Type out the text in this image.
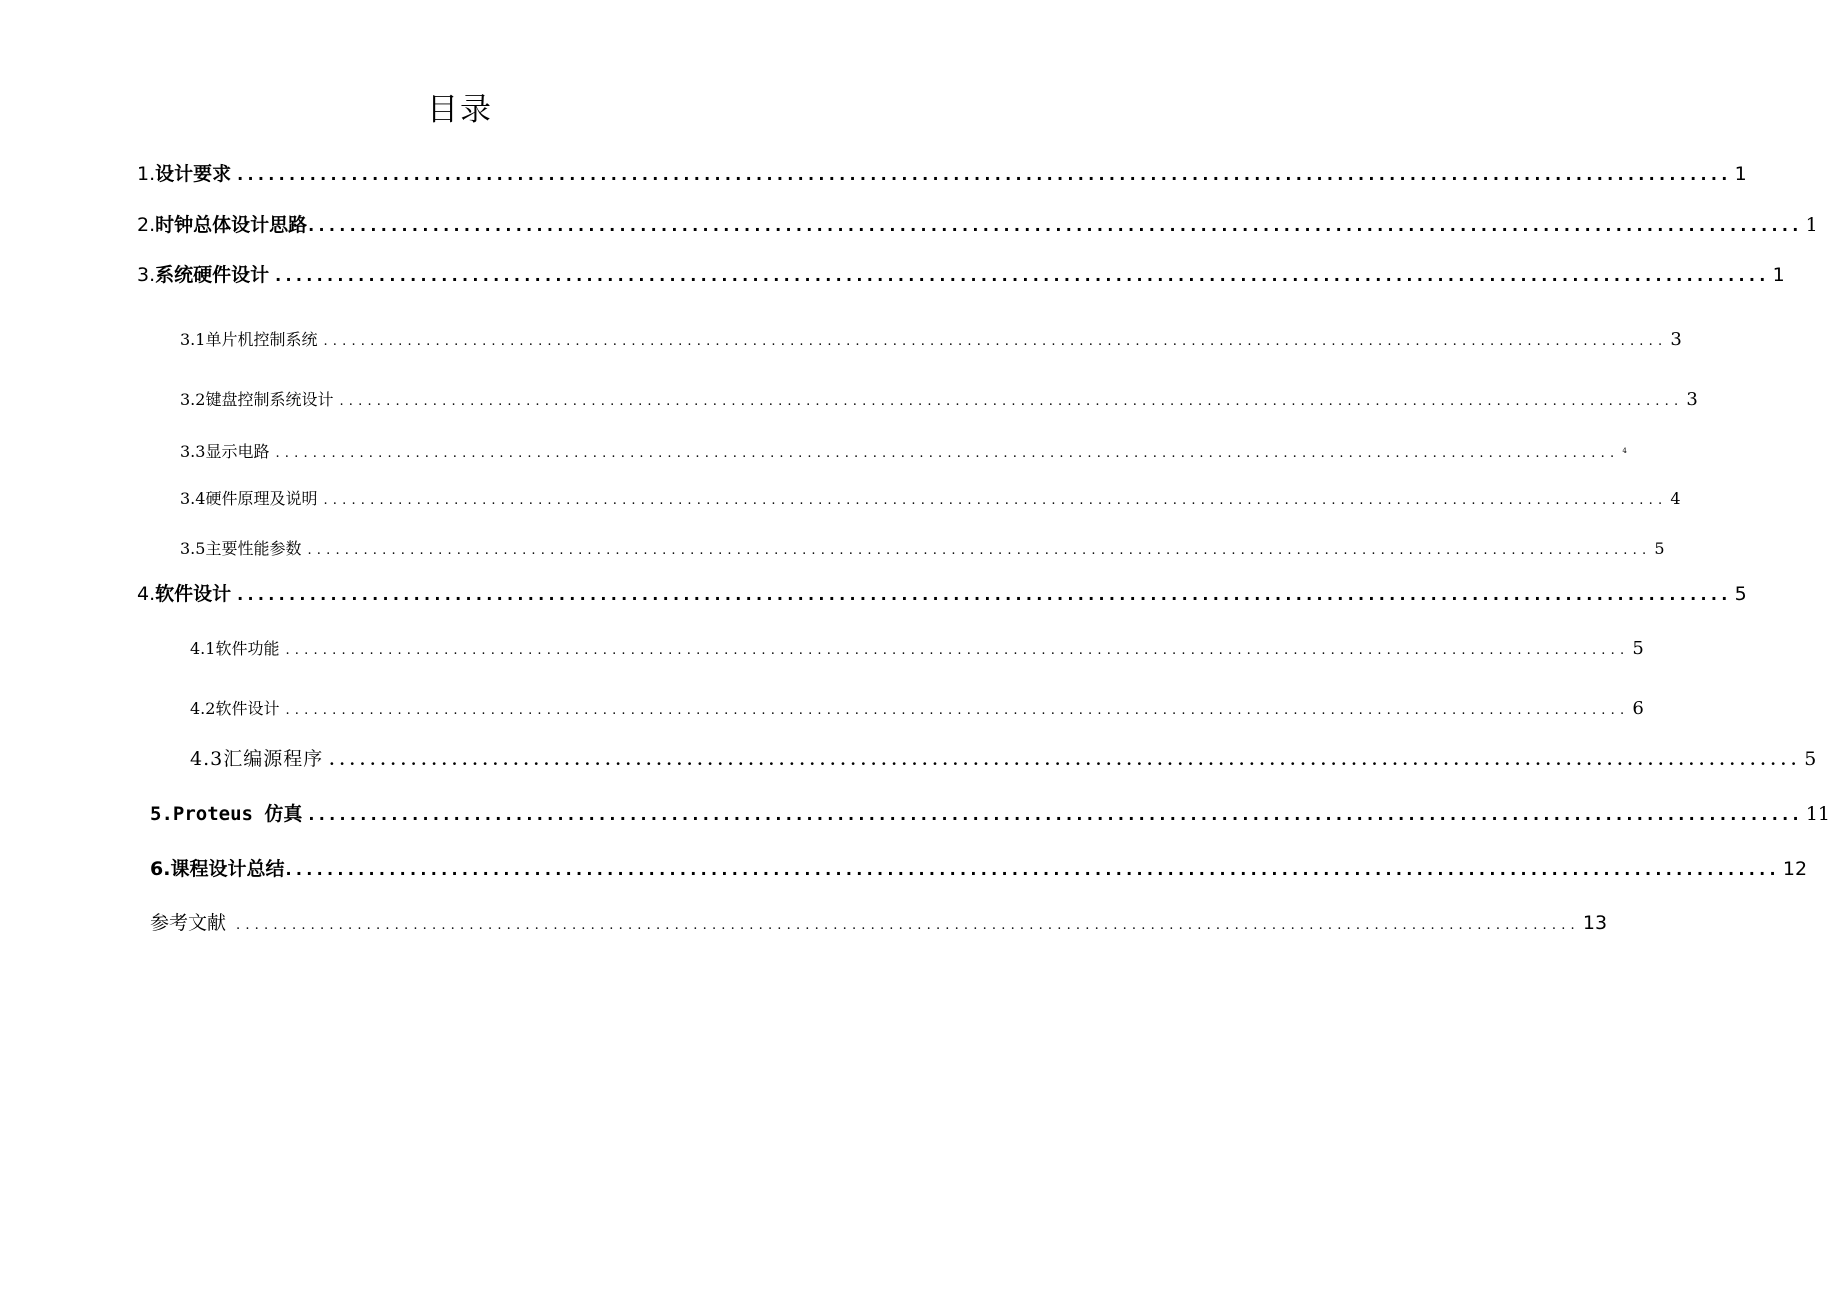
目录
1. 设计要求 ................................................................................................................................................ 1
2. 时钟总体设计思路 ................................................................................................................................................ 1
3. 系统硬件设计 ................................................................................................................................................ 1
3.1单片机控制系统 ................................................................................................................................................ 3
3.2键盘控制系统设计 ................................................................................................................................................ 3
3.3显示电路 ................................................................................................................................................ 4
3.4硬件原理及说明 ................................................................................................................................................ 4
3.5主要性能参数 ................................................................................................................................................ 5
4. 软件设计 ................................................................................................................................................ 5
4.1软件功能 ................................................................................................................................................ 5
4.2软件设计 ................................................................................................................................................ 6
4.3汇编源程序 ................................................................................................................................................ 5
5.Proteus 仿真 ................................................................................................................................................ 11
6.课程设计总结 ................................................................................................................................................ 12
参考文献 ................................................................................................................................................ 13
